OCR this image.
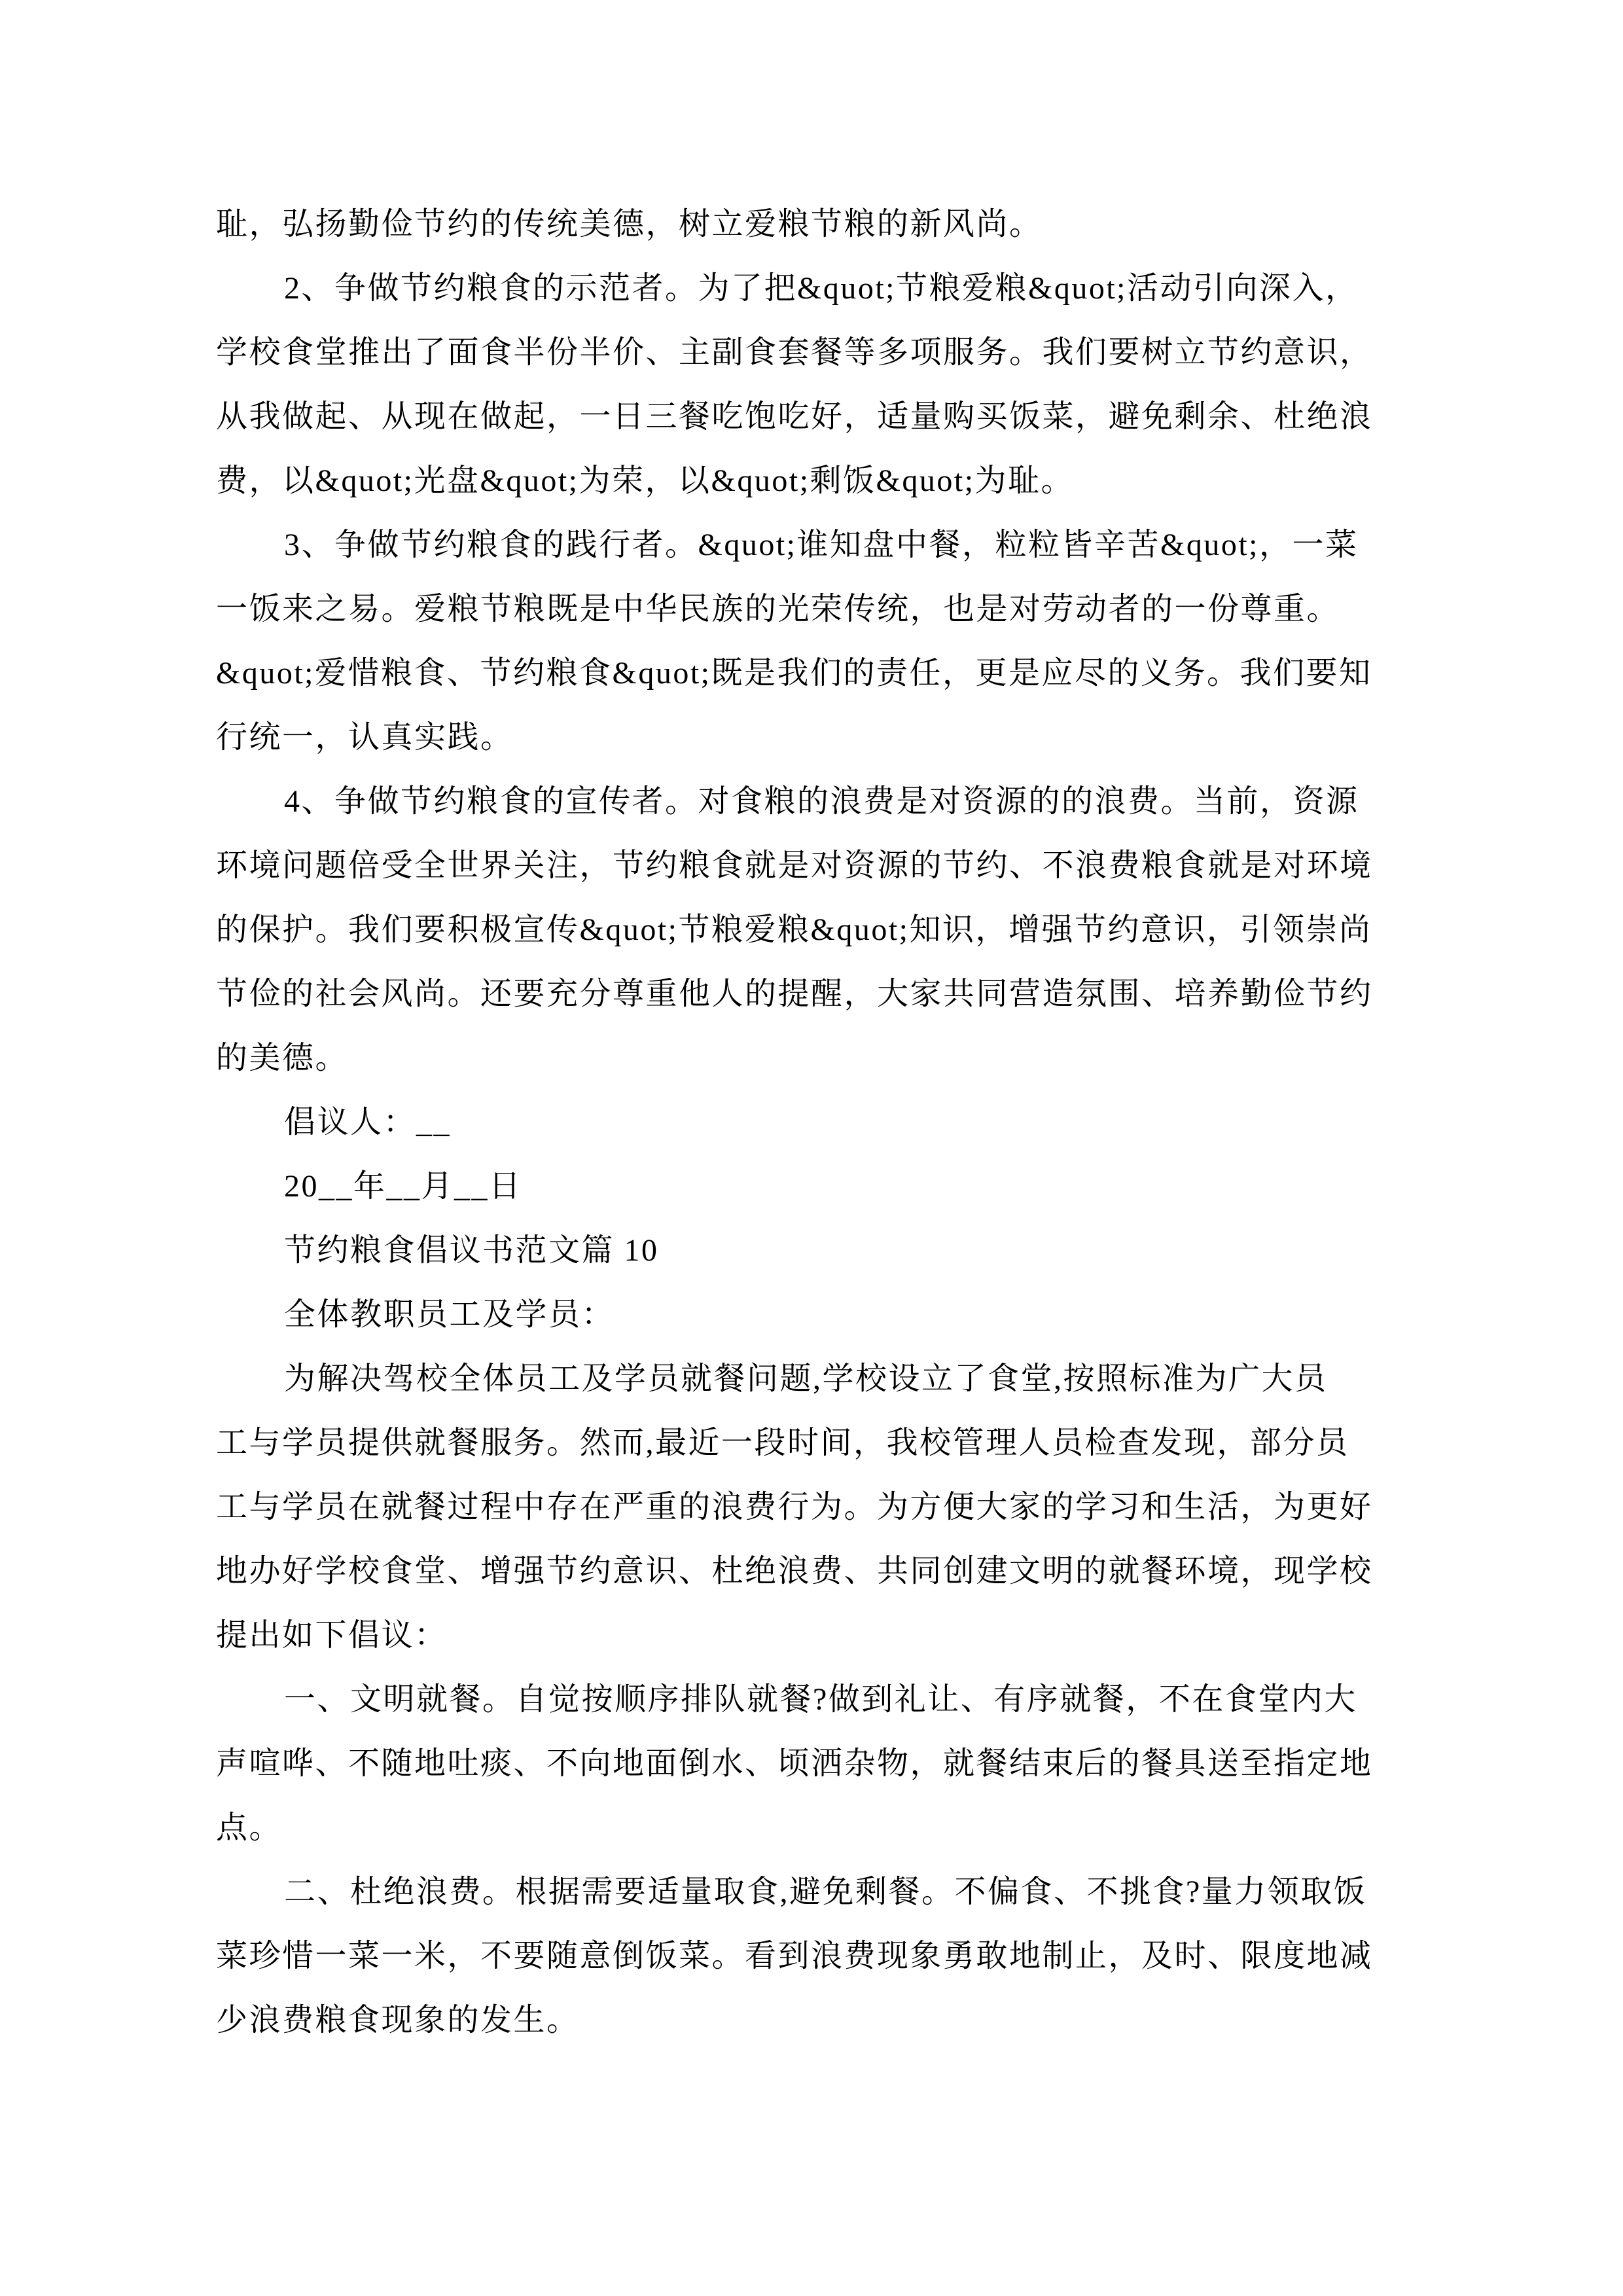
耻，弘扬勤俭节约的传统美德，树立爱粮节粮的新风尚。

2、争做节约粮食的示范者。为了把&quot;节粮爱粮&quot;活动引向深入，

学校食堂推出了面食半份半价、主副食套餐等多项服务。我们要树立节约意识，

从我做起、从现在做起，一日三餐吃饱吃好，适量购买饭菜，避免剩余、杜绝浪

费，以&quot;光盘&quot;为荣，以&quot;剩饭&quot;为耻。

3、争做节约粮食的践行者。&quot;谁知盘中餐，粒粒皆辛苦&quot;，一菜

一饭来之易。爱粮节粮既是中华民族的光荣传统，也是对劳动者的一份尊重。

&quot;爱惜粮食、节约粮食&quot;既是我们的责任，更是应尽的义务。我们要知

行统一，认真实践。

4、争做节约粮食的宣传者。对食粮的浪费是对资源的的浪费。当前，资源

环境问题倍受全世界关注，节约粮食就是对资源的节约、不浪费粮食就是对环境

的保护。我们要积极宣传&quot;节粮爱粮&quot;知识，增强节约意识，引领崇尚

节俭的社会风尚。还要充分尊重他人的提醒，大家共同营造氛围、培养勤俭节约

的美德。

倡议人：__

20__年__月__日

节约粮食倡议书范文篇 10

全体教职员工及学员：

为解决驾校全体员工及学员就餐问题,学校设立了食堂,按照标准为广大员

工与学员提供就餐服务。然而,最近一段时间，我校管理人员检查发现，部分员

工与学员在就餐过程中存在严重的浪费行为。为方便大家的学习和生活，为更好

地办好学校食堂、增强节约意识、杜绝浪费、共同创建文明的就餐环境，现学校

提出如下倡议：

一、文明就餐。自觉按顺序排队就餐?做到礼让、有序就餐，不在食堂内大

声喧哗、不随地吐痰、不向地面倒水、顷洒杂物，就餐结束后的餐具送至指定地

点。

二、杜绝浪费。根据需要适量取食,避免剩餐。不偏食、不挑食?量力领取饭

菜珍惜一菜一米，不要随意倒饭菜。看到浪费现象勇敢地制止，及时、限度地减

少浪费粮食现象的发生。
